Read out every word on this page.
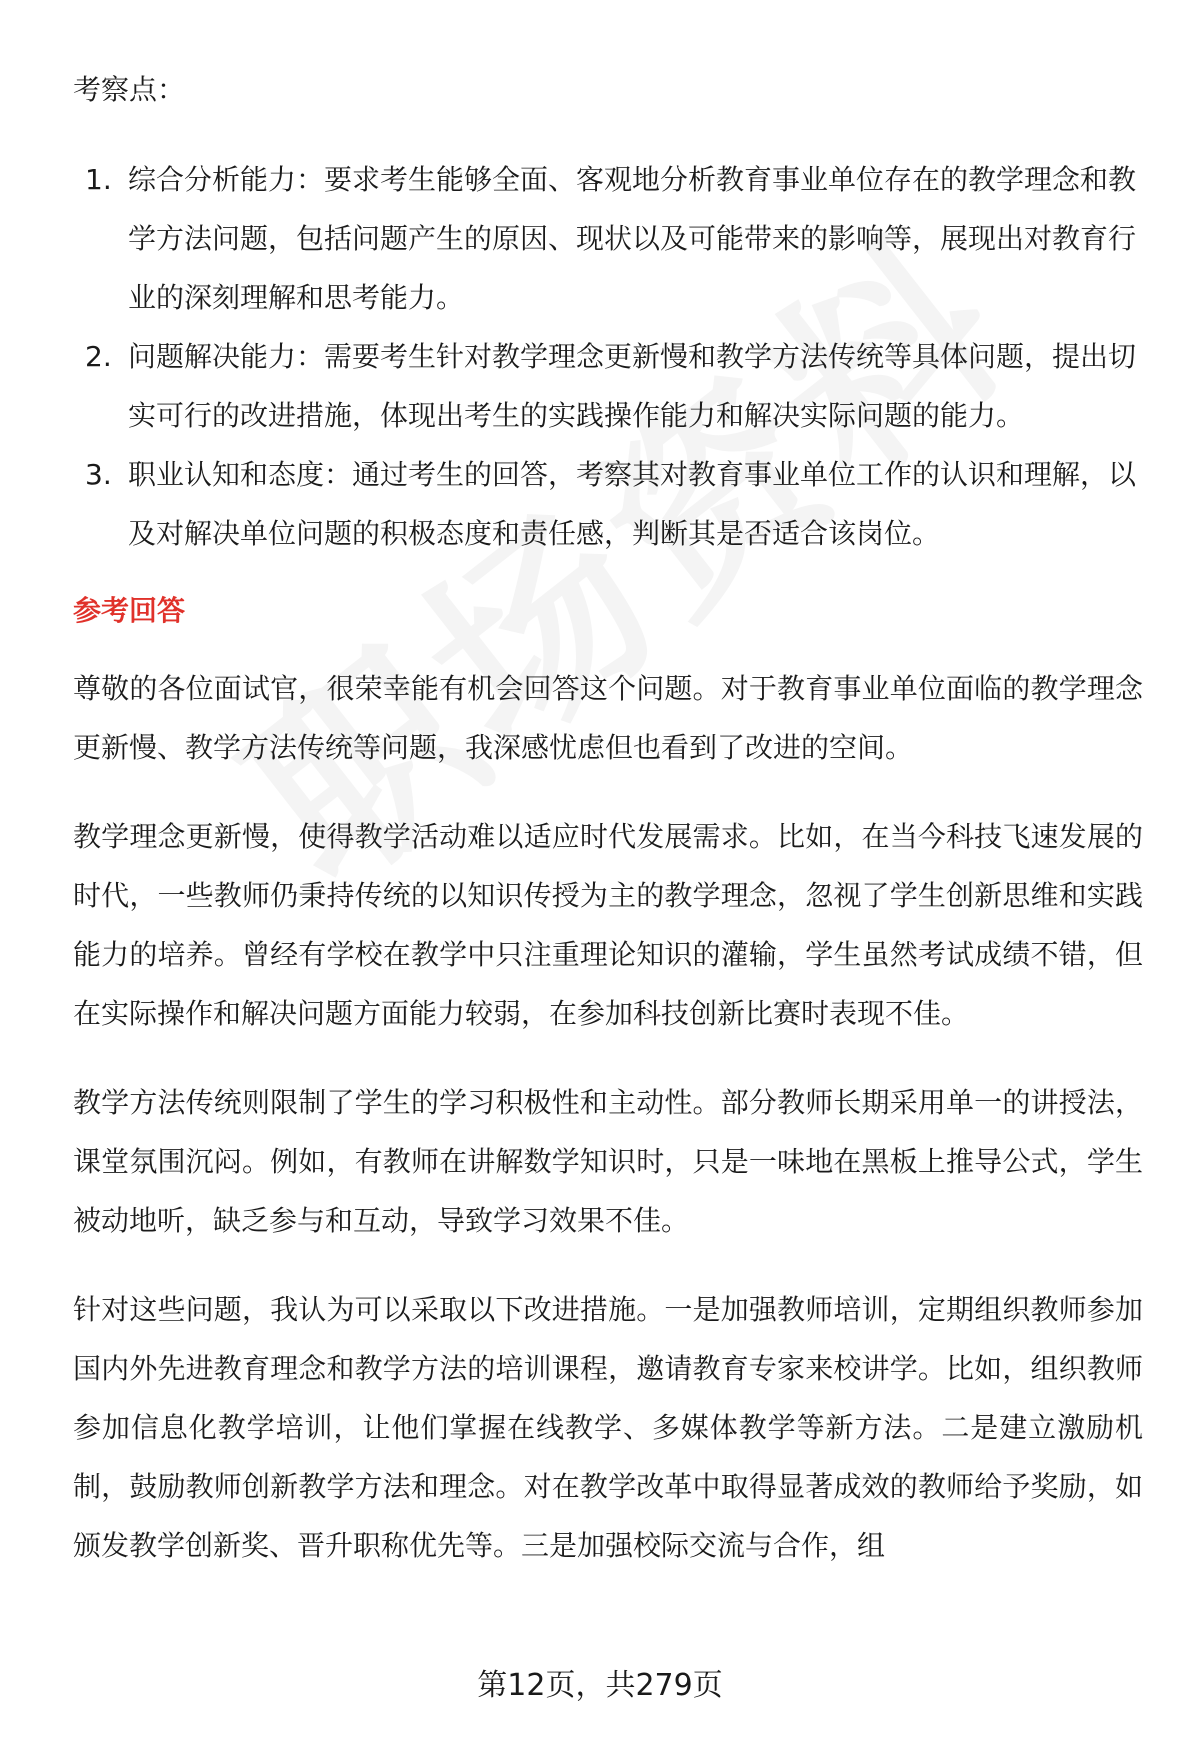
考察点：
1. 综合分析能力：要求考生能够全面、客观地分析教育事业单位存在的教学理念和教学方法问题，包括问题产生的原因、现状以及可能带来的影响等，展现出对教育行业的深刻理解和思考能力。
2. 问题解决能力：需要考生针对教学理念更新慢和教学方法传统等具体问题，提出切实可行的改进措施，体现出考生的实践操作能力和解决实际问题的能力。
3. 职业认知和态度：通过考生的回答，考察其对教育事业单位工作的认识和理解，以及对解决单位问题的积极态度和责任感，判断其是否适合该岗位。
参考回答

尊敬的各位面试官，很荣幸能有机会回答这个问题。对于教育事业单位面临的教学理念更新慢、教学方法传统等问题，我深感忧虑但也看到了改进的空间。

教学理念更新慢，使得教学活动难以适应时代发展需求。比如，在当今科技飞速发展的时代，一些教师仍秉持传统的以知识传授为主的教学理念，忽视了学生创新思维和实践能力的培养。曾经有学校在教学中只注重理论知识的灌输，学生虽然考试成绩不错，但在实际操作和解决问题方面能力较弱，在参加科技创新比赛时表现不佳。

教学方法传统则限制了学生的学习积极性和主动性。部分教师长期采用单一的讲授法，课堂氛围沉闷。例如，有教师在讲解数学知识时，只是一味地在黑板上推导公式，学生被动地听，缺乏参与和互动，导致学习效果不佳。

针对这些问题，我认为可以采取以下改进措施。一是加强教师培训，定期组织教师参加国内外先进教育理念和教学方法的培训课程，邀请教育专家来校讲学。比如，组织教师参加信息化教学培训，让他们掌握在线教学、多媒体教学等新方法。二是建立激励机制，鼓励教师创新教学方法和理念。对在教学改革中取得显著成效的教师给予奖励，如颁发教学创新奖、晋升职称优先等。三是加强校际交流与合作，组

第12页，共279页
